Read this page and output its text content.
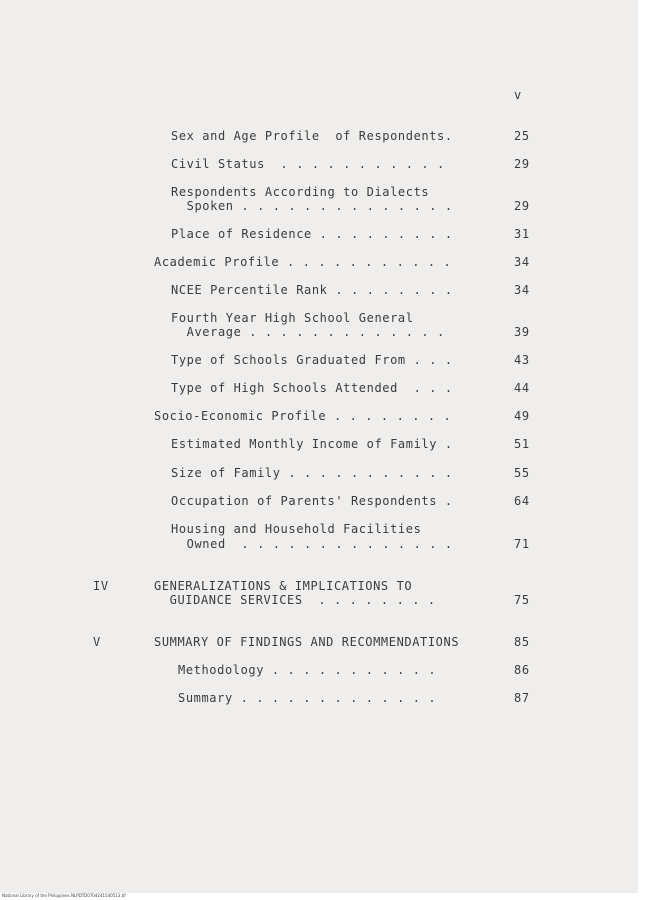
v
Sex and Age Profile  of Respondents.	25
Civil Status  . . . . . . . . . . .	29
Respondents According to Dialects
Spoken . . . . . . . . . . . . . .	29
Place of Residence . . . . . . . . .	31
Academic Profile . . . . . . . . . . .	34
NCEE Percentile Rank . . . . . . . .	34
Fourth Year High School General
Average . . . . . . . . . . . . .	39
Type of Schools Graduated From . . .	43
Type of High Schools Attended  . . .	44
Socio-Economic Profile . . . . . . . .	49
Estimated Monthly Income of Family .	51
Size of Family . . . . . . . . . . .	55
Occupation of Parents' Respondents .	64
Housing and Household Facilities
Owned  . . . . . . . . . . . . . .	71
IV	GENERALIZATIONS & IMPLICATIONS TO
GUIDANCE SERVICES  . . . . . . . .	75
V	SUMMARY OF FINDINGS AND RECOMMENDATIONS	85
Methodology . . . . . . . . . . .	86
Summary . . . . . . . . . . . . .	87
National Library of the Philippines NLPDTD0704241540513.tif
